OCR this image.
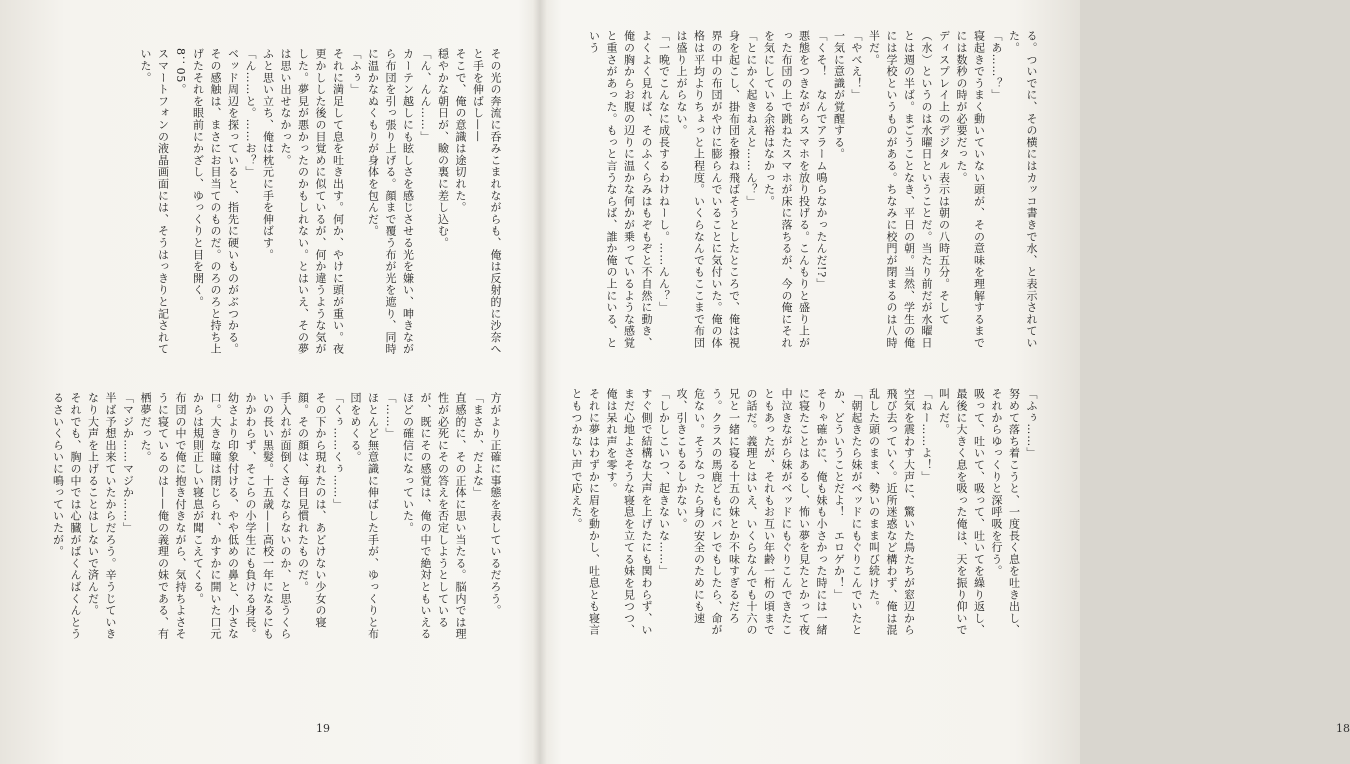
その光の奔流に呑みこまれながらも、俺は反射的に沙奈へと手を伸ばし——

そこで、俺の意識は途切れた。

穏やかな朝日が、瞼の裏に差し込む。

「ん、んん……」

カーテン越しにも眩しさを感じさせる光を嫌い、呻きながら布団を引っ張り上げる。顔まで覆う布が光を遮り、同時に温かなぬくもりが身体を包んだ。

「ふぅ」

それに満足して息を吐き出す。何か、やけに頭が重い。夜更かしした後の目覚めに似ているが、何か違うような気がした。夢見が悪かったのかもしれない。とはいえ、その夢は思い出せなかった。

ふと思い立ち、俺は枕元に手を伸ばす。

「ん……と。……お？」

ベッド周辺を探っていると、指先に硬いものがぶつかる。その感触は、まさにお目当てのものだ。のろのろと持ち上げたそれを眼前にかざし、ゆっくりと目を開く。

8：05。

スマートフォンの液晶画面には、そうはっきりと記されていた。

方がより正確に事態を表しているだろう。

「まさか、だよな」

直感的に、その正体に思い当たる。脳内では理性が必死にその答えを否定しようとしているが、既にその感覚は、俺の中で絶対ともいえるほどの確信になっていた。

「……」

ほとんど無意識に伸ばした手が、ゆっくりと布団をめくる。

「くぅ……くぅ……」

その下から現れたのは、あどけない少女の寝顔。その顔は、毎日見慣れたものだ。

手入れが面倒くさくならないのか、と思うくらいの長い黒髪。十五歳——高校一年になるにもかかわらず、そこらの小学生にも負ける身長。幼さより印象付ける、やや低めの鼻と、小さな口。大きな瞳は閉じられ、かすかに開いた口元からは規則正しい寝息が聞こえてくる。

布団の中で俺に抱き付きながら、気持ちよさそうに寝ているのは——俺の義理の妹である、有栖夢だった。

「マジか……マジか……」

半ば予想出来ていたからだろう。辛うじていきなり大声を上げることはしないで済んだ。

それでも、胸の中では心臓がばくんばくんとうるさいくらいに鳴っていたが。

19

る。ついでに、その横にはカッコ書きで水、と表示されていた。

「あ……？」

寝起きでうまく動いていない頭が、その意味を理解するまでには数秒の時が必要だった。

ディスプレイ上のデジタル表示は朝の八時五分。そして（水）というのは水曜日ということだ。当たり前だが水曜日とは週の半ば。まごうことなき、平日の朝。当然、学生の俺には学校というものがある。ちなみに校門が閉まるのは八時半だ。

「やべえ！」

一気に意識が覚醒する。

「くそ！　なんでアラーム鳴らなかったんだ!?」

悪態をつきながらスマホを放り投げる。こんもりと盛り上がった布団の上で跳ねたスマホが床に落ちるが、今の俺にそれを気にしている余裕はなかった。

「とにかく起きねえと……ん？」

身を起こし、掛布団を撥ね飛ばそうとしたところで、俺は視界の中の布団がやけに膨らんでいることに気付いた。俺の体格は平均よりちょっと上程度。いくらなんでもここまで布団は盛り上がらない。

「一晩でこんなに成長するわけねーし。……んん？」

よくよく見れば、そのふくらみはもぞもぞと不自然に動き、俺の胸からお腹の辺りに温かな何かが乗っているような感覚と重さがあった。もっと言うならば、誰か俺の上にいる、という

「ふぅ……」

努めて落ち着こうと、一度長く息を吐き出し、それからゆっくりと深呼吸を行う。

吸って、吐いて、吸って、吐いてを繰り返し、最後に大きく息を吸った俺は、天を振り仰いで叫んだ。

「ねー……よ！」

空気を震わす大声に、驚いた鳥たちが窓辺から飛び去っていく。近所迷惑など構わず、俺は混乱した頭のまま、勢いのまま叫び続けた。

「朝起きたら妹がベッドにもぐりこんでいたとか、どういうことだよ！　エロゲか！」

そりゃ確かに、俺も妹も小さかった時には一緒に寝たことはあるし、怖い夢を見たとかって夜中泣きながら妹がベッドにもぐりこんできたこともあったが、それもお互い年齢一桁の頃までの話だ。義理とはいえ、いくらなんでも十六の兄と一緒に寝る十五の妹とか不味すぎるだろう。クラスの馬鹿どもにバレでもしたら、命が危ない。そうなったら身の安全のためにも速攻、引きこもるしかない。

「しかしこいつ、起きないな……」

すぐ側で結構な大声を上げたにも関わらず、いまだ心地よさそうな寝息を立てる妹を見つつ、俺は呆れ声を零す。

それに夢はわずかに眉を動かし、吐息とも寝言ともつかない声で応えた。

18
